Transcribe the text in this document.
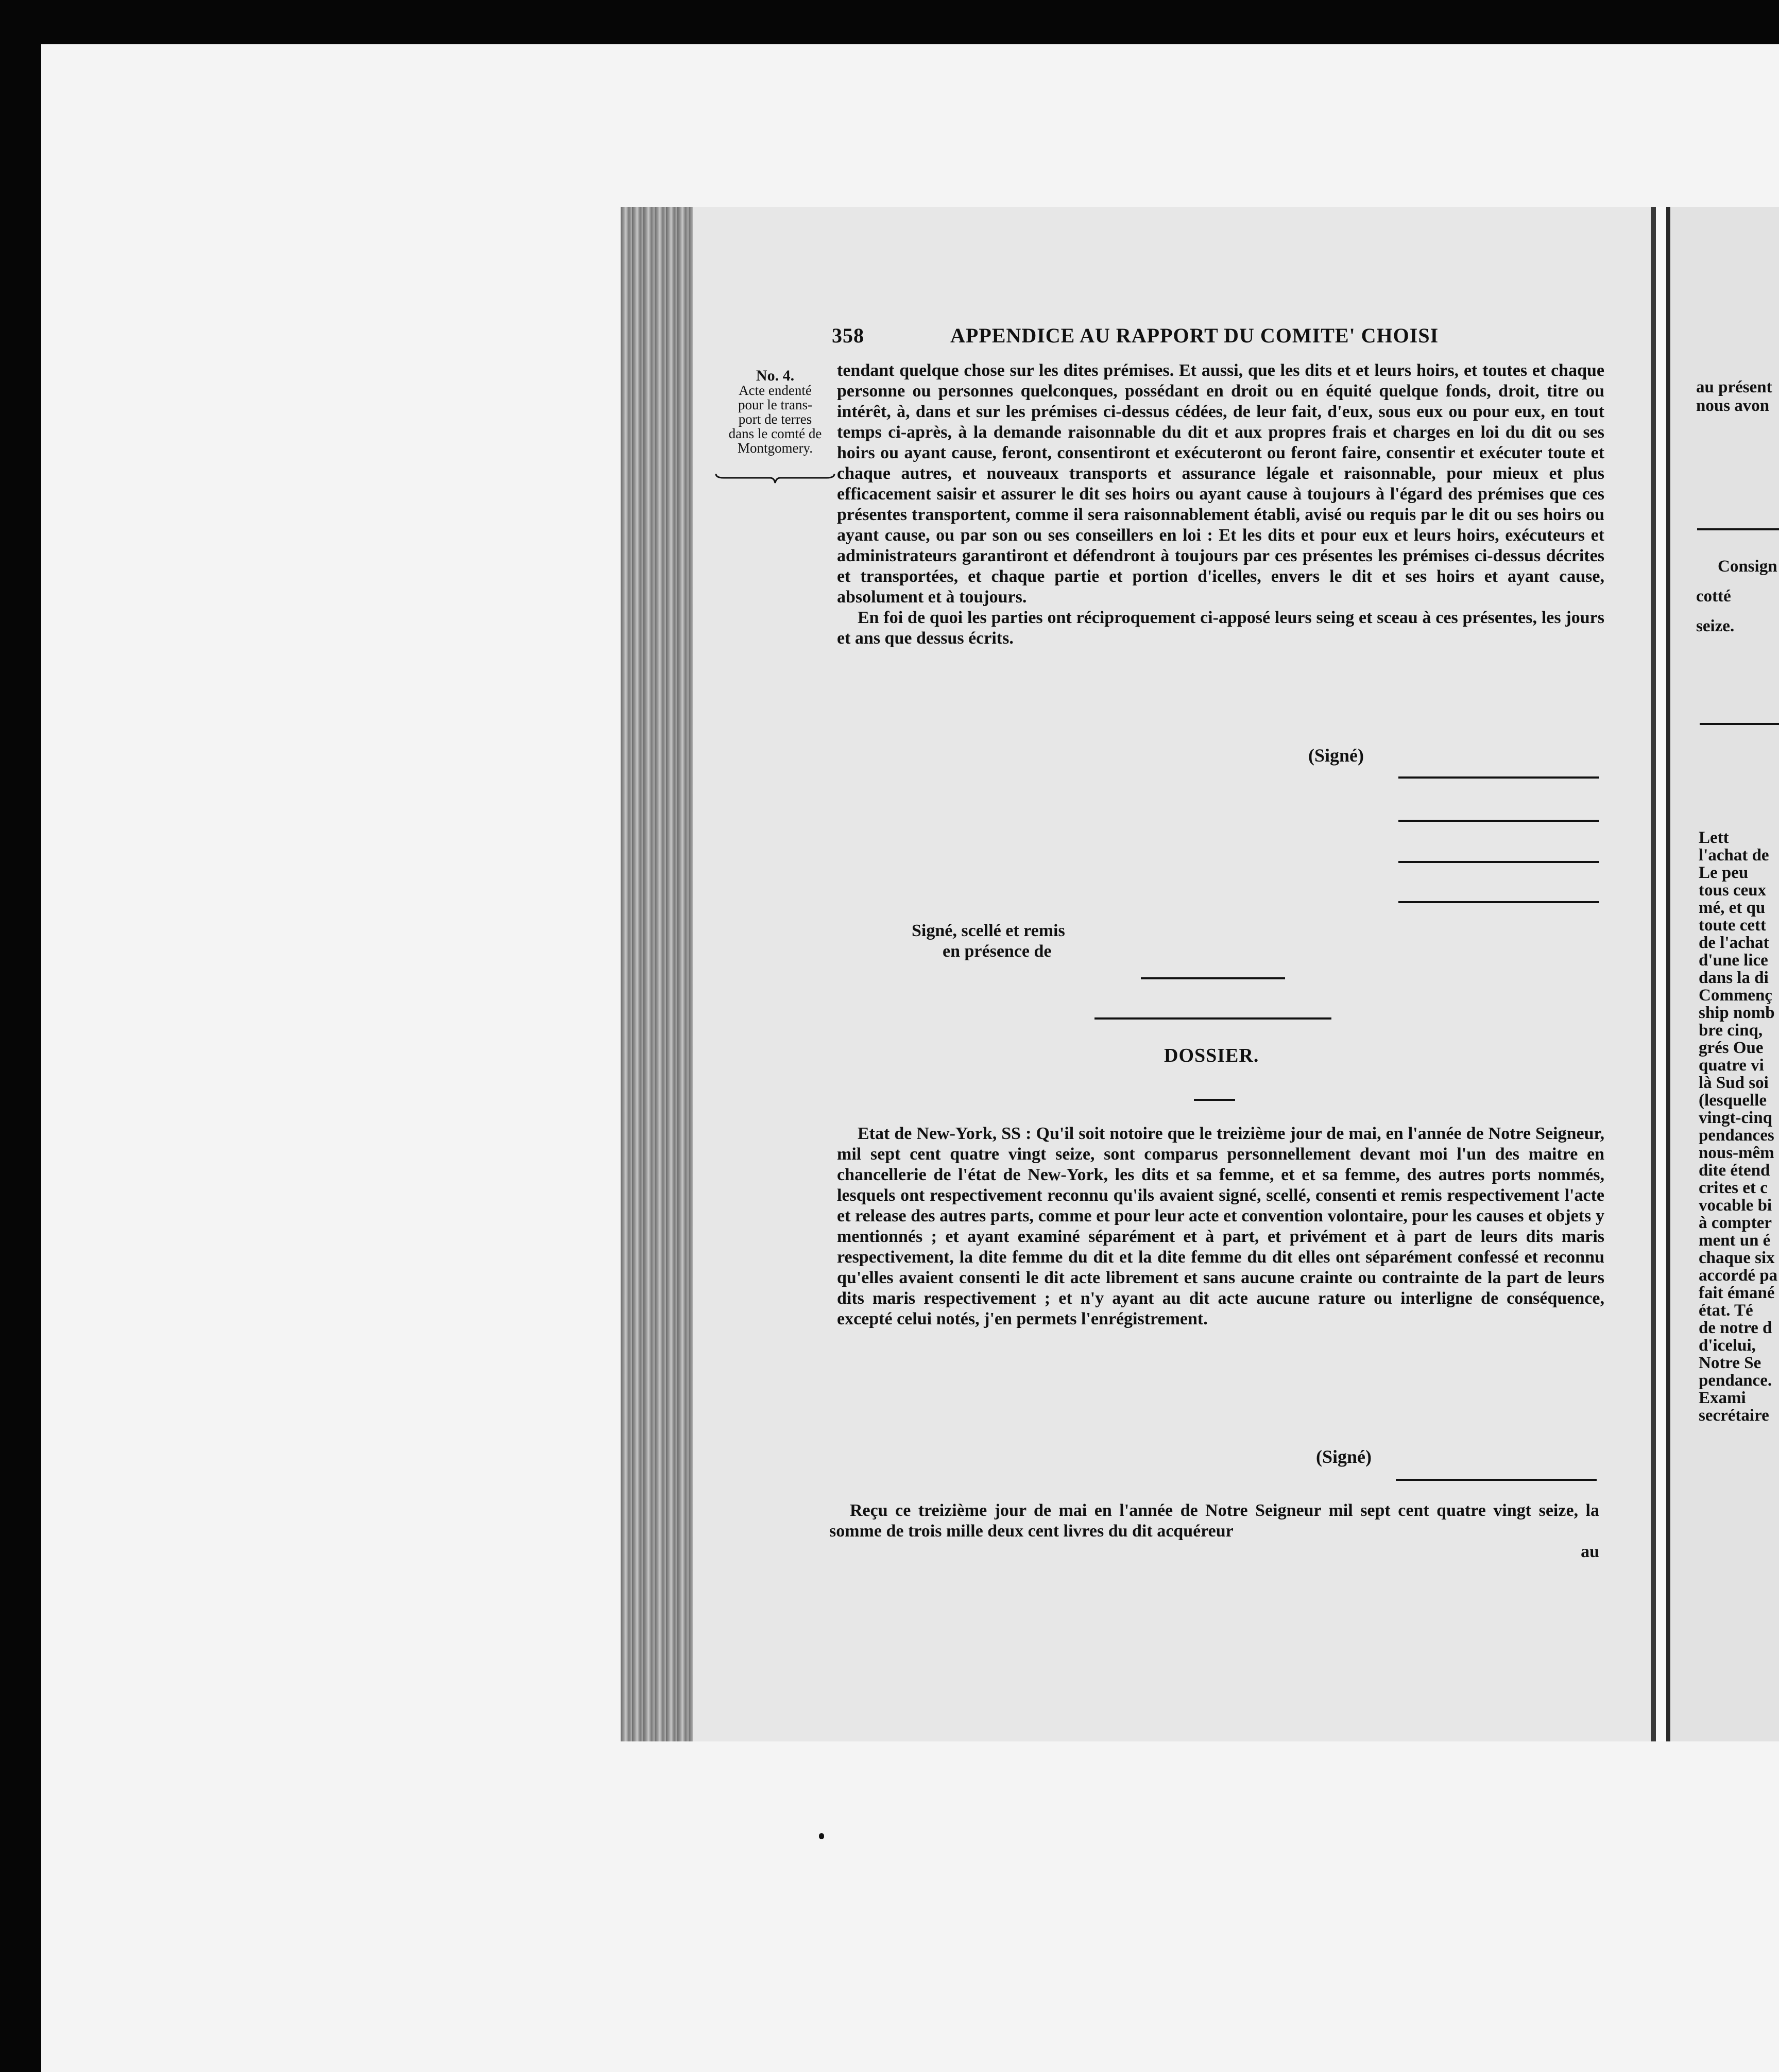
358	APPENDICE AU RAPPORT DU COMITE' CHOISI
No. 4.
Acte endenté
pour le trans-
port de terres
dans le comté de
Montgomery.

tendant quelque chose sur les dites prémises. Et aussi, que les dits et et leurs hoirs, et toutes et chaque personne ou personnes quelconques, possédant en droit ou en équité quelque fonds, droit, titre ou intérêt, à, dans et sur les prémises ci-dessus cédées, de leur fait, d'eux, sous eux ou pour eux, en tout temps ci-après, à la demande raisonnable du dit et aux propres frais et charges en loi du dit ou ses hoirs ou ayant cause, feront, consentiront et exécuteront ou feront faire, consentir et exécuter toute et chaque autres, et nouveaux transports et assurance légale et raisonnable, pour mieux et plus efficacement saisir et assurer le dit ses hoirs ou ayant cause à toujours à l'égard des prémises que ces présentes transportent, comme il sera raisonnablement établi, avisé ou requis par le dit ou ses hoirs ou ayant cause, ou par son ou ses conseillers en loi : Et les dits et pour eux et leurs hoirs, exécuteurs et administrateurs garantiront et défendront à toujours par ces présentes les prémises ci-dessus décrites et transportées, et chaque partie et portion d'icelles, envers le dit et ses hoirs et ayant cause, absolument et à toujours.

En foi de quoi les parties ont réciproquement ci-apposé leurs seing et sceau à ces présentes, les jours et ans que dessus écrits.

(Signé)
Signé, scellé et remis
en présence de
DOSSIER.

Etat de New-York, SS : Qu'il soit notoire que le treizième jour de mai, en l'année de Notre Seigneur, mil sept cent quatre vingt seize, sont comparus personnellement devant moi l'un des maitre en chancellerie de l'état de New-York, les dits et sa femme, et et sa femme, des autres ports nommés, lesquels ont respectivement reconnu qu'ils avaient signé, scellé, consenti et remis respectivement l'acte et release des autres parts, comme et pour leur acte et convention volontaire, pour les causes et objets y mentionnés ; et ayant examiné séparément et à part, et privément et à part de leurs dits maris respectivement, la dite femme du dit et la dite femme du dit elles ont séparément confessé et reconnu qu'elles avaient consenti le dit acte librement et sans aucune crainte ou contrainte de la part de leurs dits maris respectivement ; et n'y ayant au dit acte aucune rature ou interligne de conséquence, excepté celui notés, j'en permets l'enrégistrement.

(Signé)

Reçu ce treizième jour de mai en l'année de Notre Seigneur mil sept cent quatre vingt seize, la somme de trois mille deux cent livres du dit acquéreur

au

au présent
nous avon
Consign
cotté
seize.
Lett
l'achat de
Le peu
tous ceux
mé, et qu
toute cett
de l'achat
d'une lice
dans la di
Commenç
ship nomb
bre cinq,
grés Oue
quatre vi
là Sud soi
(lesquelle
vingt-cinq
pendances
nous-mêm
dite étend
crites et c
vocable bi
à compter
ment un é
chaque six
accordé pa
fait émané
état. Té
de notre d
d'icelui,
Notre Se
pendance.
Exami
secrétaire
